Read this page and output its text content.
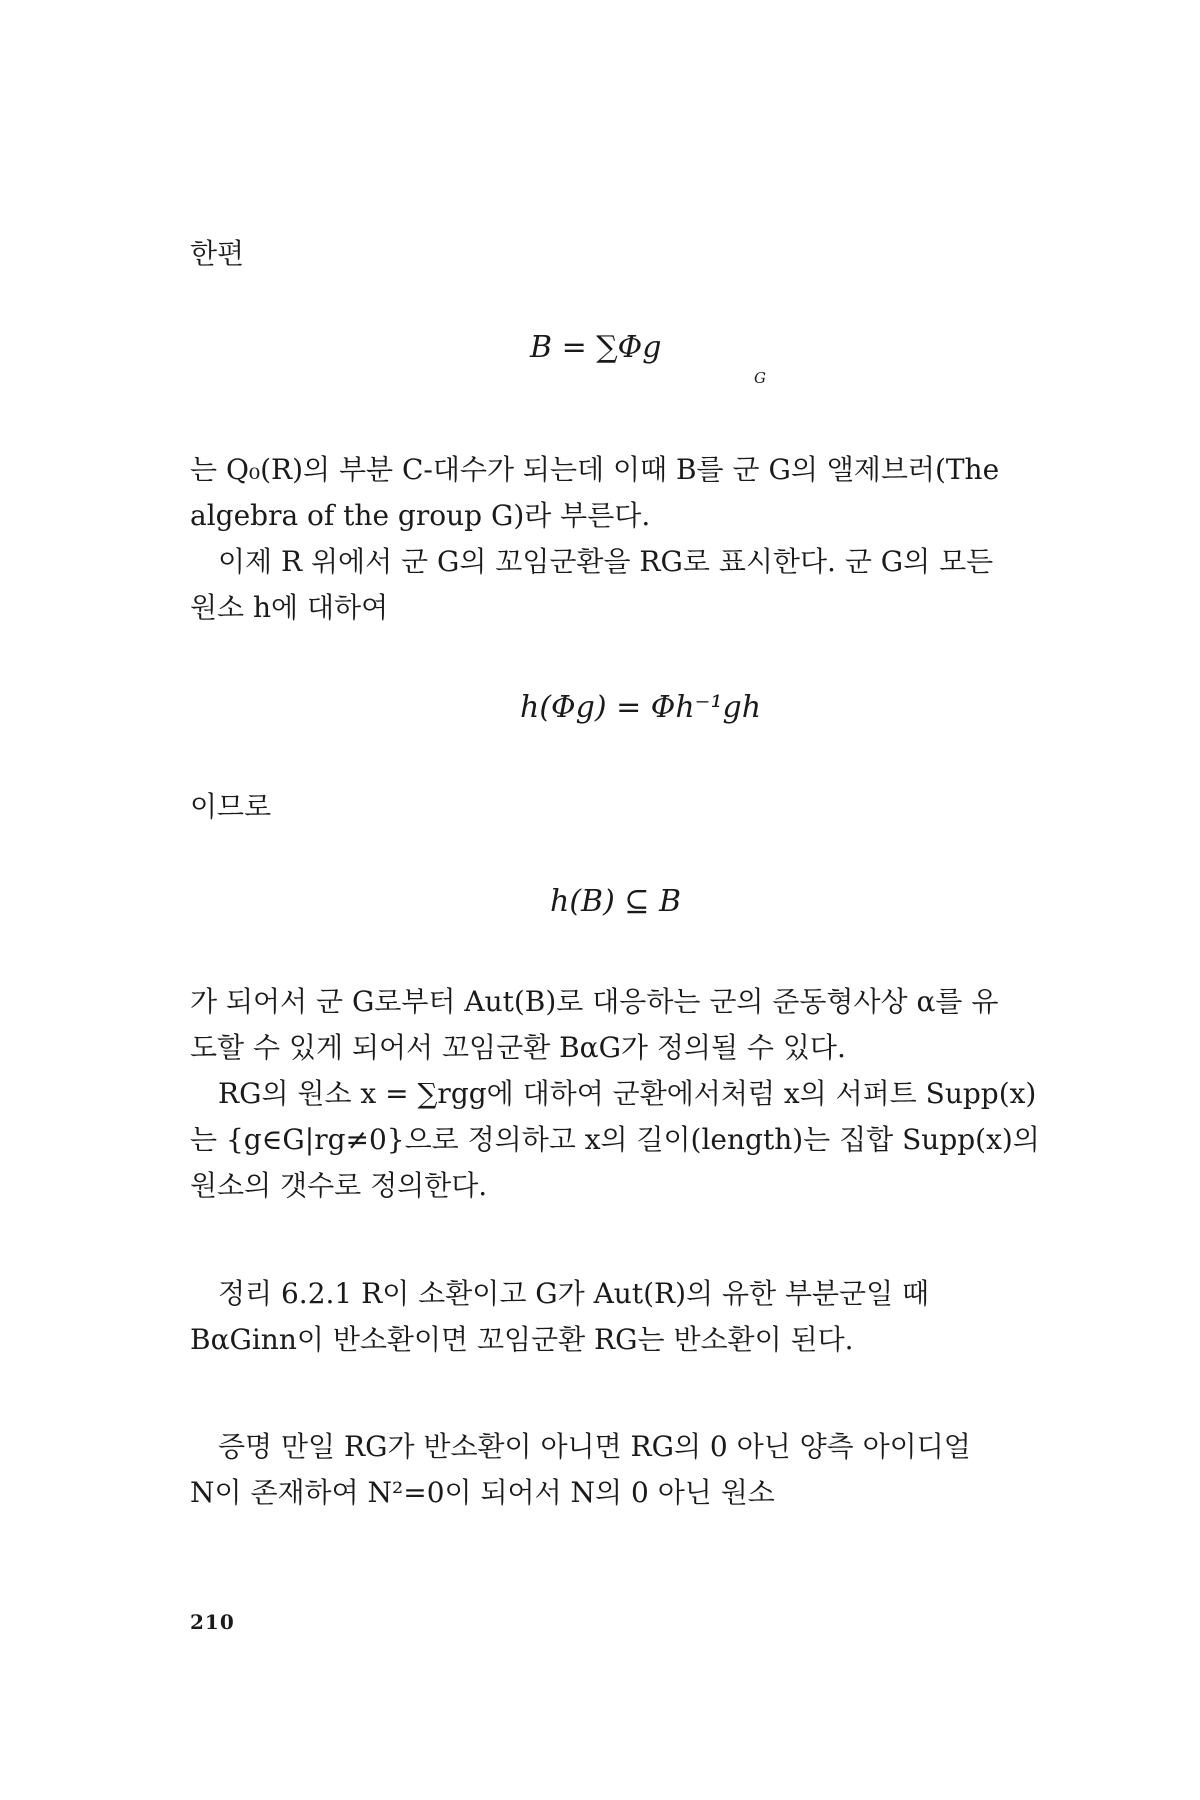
한편
B = ∑Φg
G
는 Q₀(R)의 부분 C-대수가 되는데 이때 B를 군 G의 앨제브러(The
algebra of the group G)라 부른다.
이제 R 위에서 군 G의 꼬임군환을 RG로 표시한다. 군 G의 모든
원소 h에 대하여
h(Φg) = Φh⁻¹gh
이므로
h(B) ⊆ B
가 되어서 군 G로부터 Aut(B)로 대응하는 군의 준동형사상 α를 유
도할 수 있게 되어서 꼬임군환 BαG가 정의될 수 있다.
RG의 원소 x = ∑rgg에 대하여 군환에서처럼 x의 서퍼트 Supp(x)
는 {g∈G|rg≠0}으로 정의하고 x의 길이(length)는 집합 Supp(x)의
원소의 갯수로 정의한다.
정리 6.2.1 R이 소환이고 G가 Aut(R)의 유한 부분군일 때
BαGinn이 반소환이면 꼬임군환 RG는 반소환이 된다.
증명 만일 RG가 반소환이 아니면 RG의 0 아닌 양측 아이디얼
N이 존재하여 N²=0이 되어서 N의 0 아닌 원소
210
